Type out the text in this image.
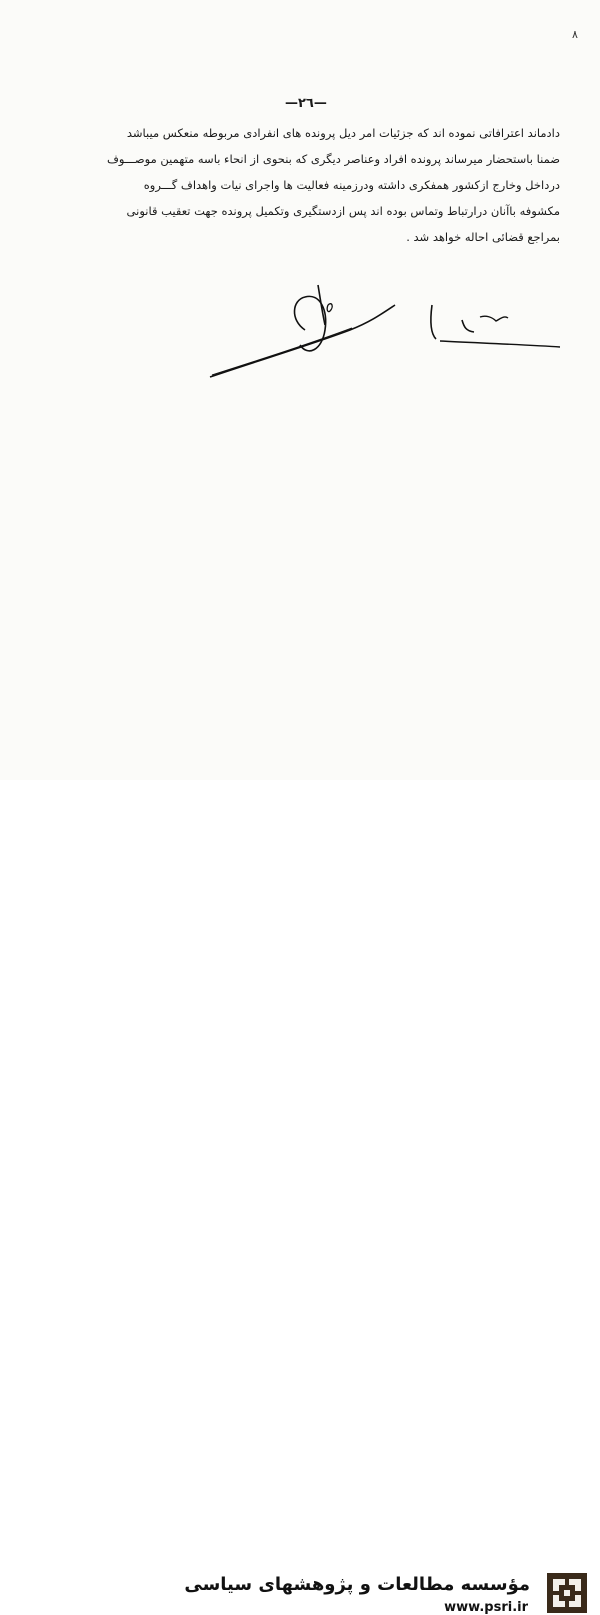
٨
—٢٦—
دادماند اعترافاتی نموده اند که جزئیات امر دیل پرونده های انفرادی مربوطه منعکس میباشد
ضمنا باستحضار میرساند پرونده افراد وعناصر دیگری که بنحوی از انحاء باسه متهمین موصـــوف
درداخل وخارج ازکشور همفکری داشته ودرزمینه فعالیت ها واجرای نیات واهداف گـــروه
مکشوفه باآنان درارتباط وتماس بوده اند پس ازدستگیری وتکمیل پرونده جهت تعقیب قانونی
بمراجع قضائی احاله خواهد شد .
مؤسسه مطالعات و پژوهشهای سیاسی
www.psri.ir
